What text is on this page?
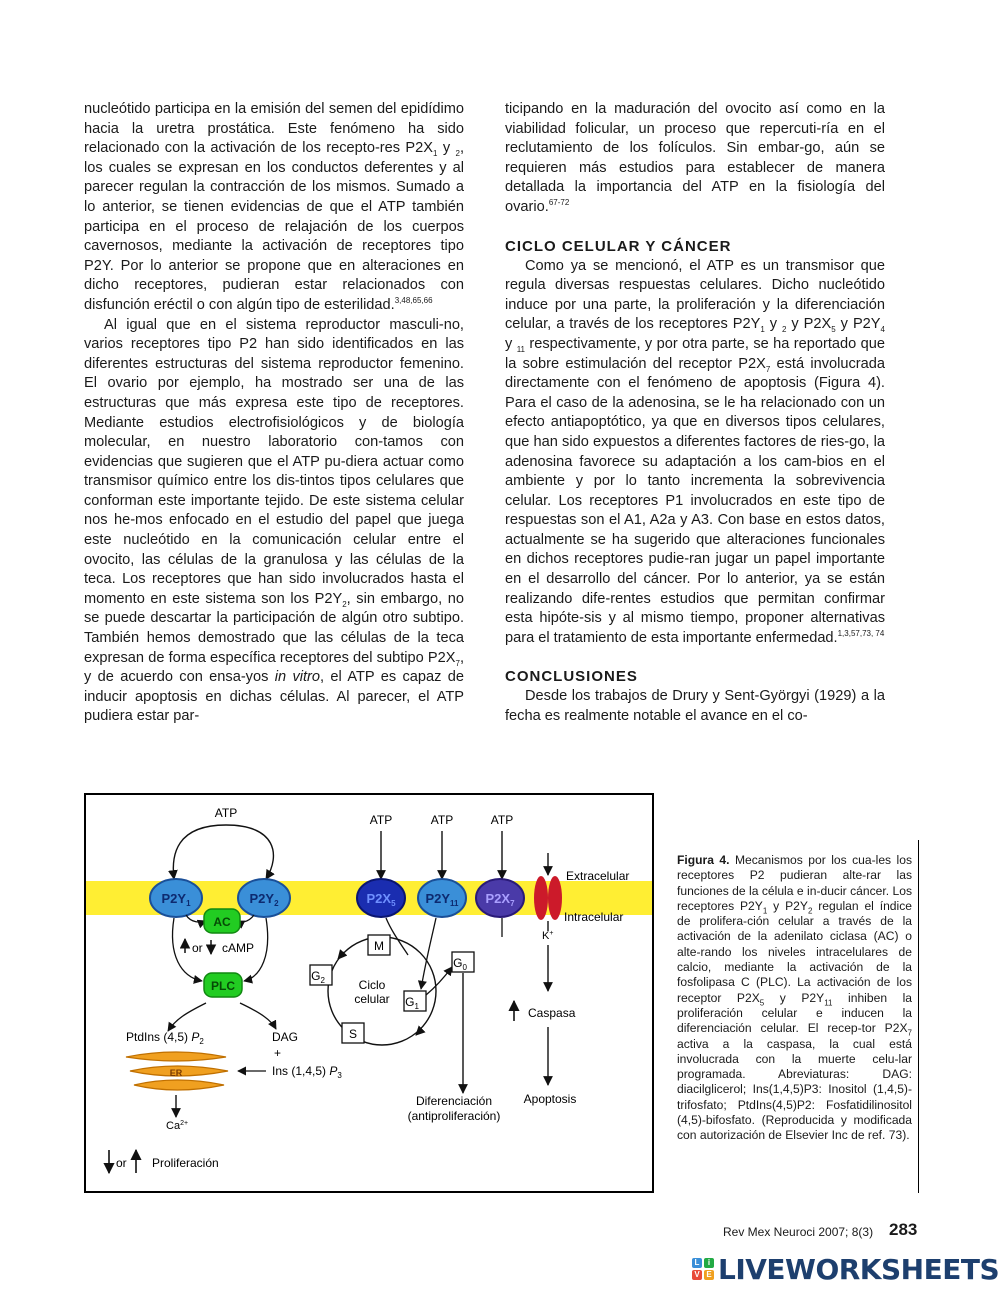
nucleótido participa en la emisión del semen del epidídimo hacia la uretra prostática. Este fenómeno ha sido relacionado con la activación de los recepto-res $P2X_1$ y $_2$, los cuales se expresan en los conductos deferentes y al parecer regulan la contracción de los mismos. Sumado a lo anterior, se tienen evidencias de que el ATP también participa en el proceso de relajación de los cuerpos cavernosos, mediante la activación de receptores tipo P2Y. Por lo anterior se propone que en alteraciones en dicho receptores, pudieran estar relacionados con disfunción eréctil o con algún tipo de esterilidad.$^{3,48,65,66}$

Al igual que en el sistema reproductor masculi-no, varios receptores tipo P2 han sido identificados en las diferentes estructuras del sistema reproductor femenino. El ovario por ejemplo, ha mostrado ser una de las estructuras que más expresa este tipo de receptores. Mediante estudios electrofisiológicos y de biología molecular, en nuestro laboratorio con-tamos con evidencias que sugieren que el ATP pu-diera actuar como transmisor químico entre los dis-tintos tipos celulares que conforman este importante tejido. De este sistema celular nos he-mos enfocado en el estudio del papel que juega este nucleótido en la comunicación celular entre el ovocito, las células de la granulosa y las células de la teca. Los receptores que han sido involucrados hasta el momento en este sistema son los $P2Y_2$, sin embargo, no se puede descartar la participación de algún otro subtipo. También hemos demostrado que las células de la teca expresan de forma específica receptores del subtipo $P2X_7$, y de acuerdo con ensa-yos in vitro, el ATP es capaz de inducir apoptosis en dichas células. Al parecer, el ATP pudiera estar par-

ticipando en la maduración del ovocito así como en la viabilidad folicular, un proceso que repercuti-ría en el reclutamiento de los folículos. Sin embar-go, aún se requieren más estudios para establecer de manera detallada la importancia del ATP en la fisiología del ovario.$^{67-72}$

CICLO CELULAR Y CÁNCER

Como ya se mencionó, el ATP es un transmisor que regula diversas respuestas celulares. Dicho nucleótido induce por una parte, la proliferación y la diferenciación celular, a través de los receptores $P2Y_1$ y $_2$ y $P2X_5$ y $P2Y_4$ y $_{11}$ respectivamente, y por otra parte, se ha reportado que la sobre estimulación del receptor $P2X_7$ está involucrada directamente con el fenómeno de apoptosis (Figura 4). Para el caso de la adenosina, se le ha relacionado con un efecto antiapoptótico, ya que en diversos tipos celulares, que han sido expuestos a diferentes factores de ries-go, la adenosina favorece su adaptación a los cam-bios en el ambiente y por lo tanto incrementa la sobrevivencia celular. Los receptores P1 involucrados en este tipo de respuestas son el A1, A2a y A3. Con base en estos datos, actualmente se ha sugerido que alteraciones funcionales en dichos receptores pudie-ran jugar un papel importante en el desarrollo del cáncer. Por lo anterior, ya se están realizando dife-rentes estudios que permitan confirmar esta hipóte-sis y al mismo tiempo, proponer alternativas para el tratamiento de esta importante enfermedad.$^{1,3,57,73, 74}$

CONCLUSIONES

Desde los trabajos de Drury y Sent-Györgyi (1929) a la fecha es realmente notable el avance en el co-

ATP	ATP	ATP	ATP
$P2Y_1$	$P2Y_2$	$P2X_5$ $P2Y_{11}$ $P2X_7$
K+
Extracelular
Intracelular
AC
or cAMP
PLC
PtdIns (4,5) $P_2$	DAG
+
Ins (1,4,5) $P_3$
ER
$Ca^{2+}$
or Proliferación
M
$G_2$
S
$G_1$
$G_0$
Ciclo
celular
Diferenciación
(antiproliferación)
Caspasa
Apoptosis
Figura 4. Mecanismos por los cua-les los receptores P2 pudieran alte-rar las funciones de la célula e in-ducir cáncer. Los receptores $P2Y_1$ y $P2Y_2$ regulan el índice de prolifera-ción celular a través de la activación de la adenilato ciclasa (AC) o alte-rando los niveles intracelulares de calcio, mediante la activación de la fosfolipasa C (PLC). La activación de los receptor $P2X_5$ y $P2Y_{11}$ inhiben la proliferación celular e inducen la diferenciación celular. El recep-tor $P2X_7$ activa a la caspasa, la cual está involucrada con la muerte celu-lar programada. Abreviaturas: DAG: diacilglicerol; Ins(1,4,5)P3: Inositol (1,4,5)-trifosfato; PtdIns(4,5)P2: Fosfatidilinositol (4,5)-bifosfato. (Reproducida y modificada con autorización de Elsevier Inc de ref. 73).
Rev Mex Neuroci 2007; 8(3) 283
L	i
V E LIVEWORKSHEETS
